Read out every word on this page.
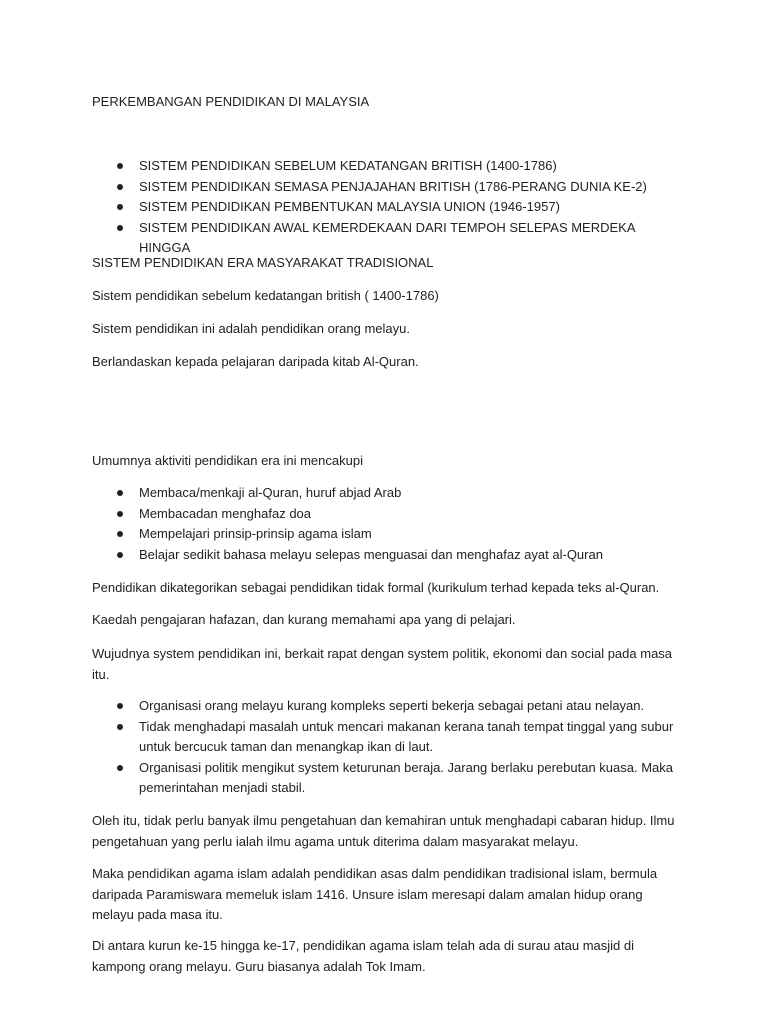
PERKEMBANGAN PENDIDIKAN DI MALAYSIA

SISTEM PENDIDIKAN SEBELUM KEDATANGAN BRITISH (1400-1786)
SISTEM PENDIDIKAN SEMASA PENJAJAHAN BRITISH (1786-PERANG DUNIA KE-2)
SISTEM PENDIDIKAN PEMBENTUKAN MALAYSIA UNION (1946-1957)
SISTEM PENDIDIKAN AWAL KEMERDEKAAN DARI TEMPOH SELEPAS MERDEKA HINGGA

SISTEM PENDIDIKAN ERA MASYARAKAT TRADISIONAL

Sistem pendidikan sebelum kedatangan british ( 1400-1786)

Sistem pendidikan ini adalah pendidikan orang melayu.

Berlandaskan kepada pelajaran daripada kitab Al-Quran.

Umumnya aktiviti pendidikan era ini mencakupi

Membaca/menkaji al-Quran, huruf abjad Arab
Membacadan menghafaz doa
Mempelajari prinsip-prinsip agama islam
Belajar sedikit bahasa melayu selepas menguasai dan menghafaz ayat al-Quran

Pendidikan dikategorikan sebagai pendidikan tidak formal (kurikulum terhad kepada teks al-Quran.

Kaedah pengajaran hafazan, dan kurang memahami apa yang di pelajari.

Wujudnya system pendidikan ini, berkait rapat dengan system politik, ekonomi dan social pada masa itu.

Organisasi orang melayu kurang kompleks seperti bekerja sebagai petani atau nelayan.
Tidak menghadapi masalah untuk mencari makanan kerana tanah tempat tinggal yang subur untuk bercucuk taman dan menangkap ikan di laut.
Organisasi politik mengikut system keturunan beraja. Jarang berlaku perebutan kuasa. Maka pemerintahan menjadi stabil.

Oleh itu, tidak perlu banyak ilmu pengetahuan dan kemahiran untuk menghadapi cabaran hidup. Ilmu pengetahuan yang perlu ialah ilmu agama untuk diterima dalam masyarakat melayu.

Maka pendidikan agama islam adalah pendidikan asas dalm pendidikan tradisional islam, bermula daripada Paramiswara memeluk islam 1416. Unsure islam meresapi dalam amalan hidup orang melayu pada masa itu.

Di antara kurun ke-15 hingga ke-17, pendidikan agama islam telah ada di surau atau masjid di kampong orang melayu. Guru biasanya adalah Tok Imam.
